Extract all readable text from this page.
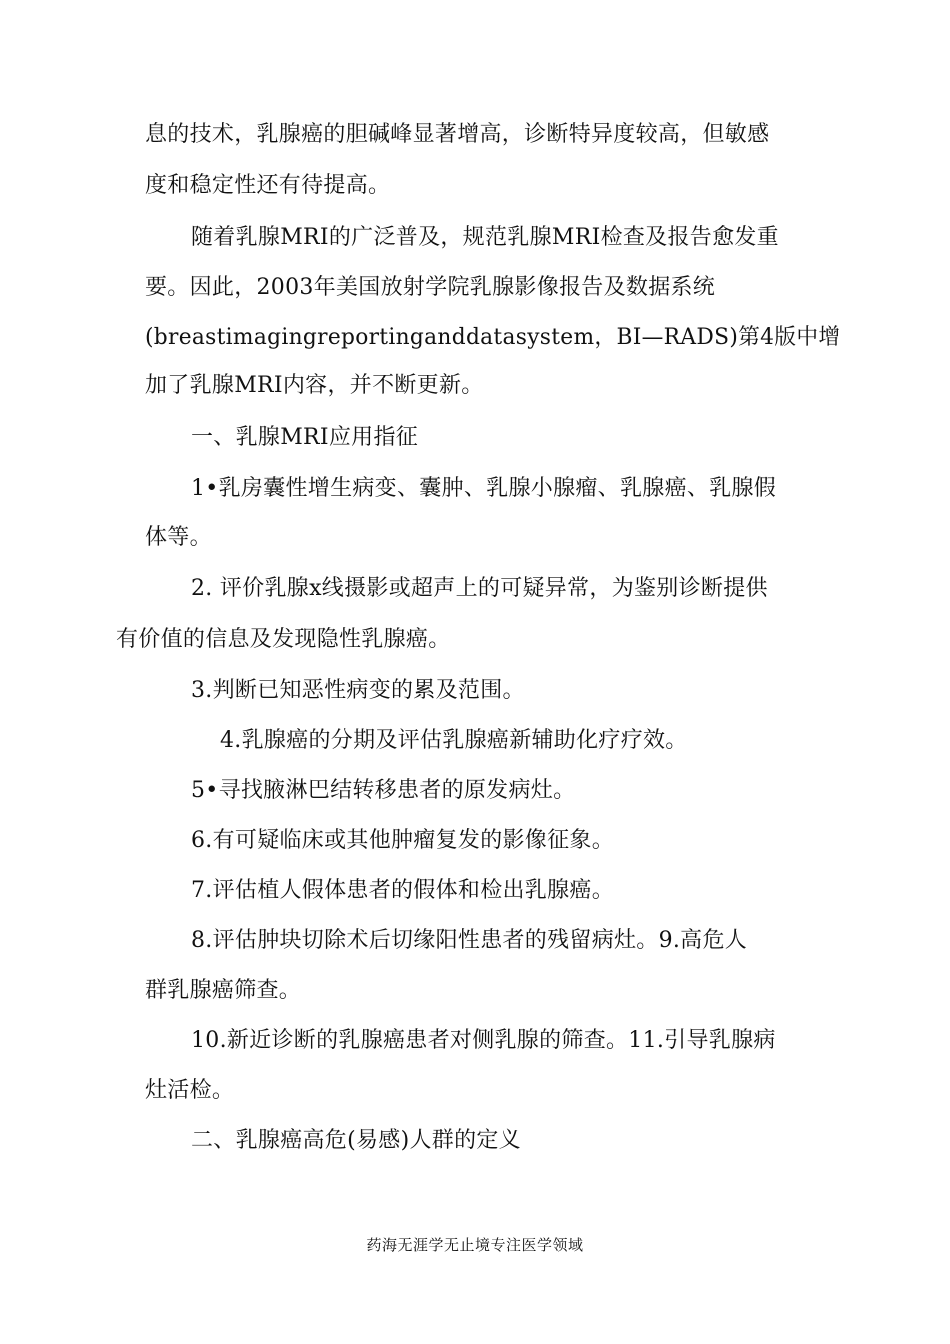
息的技术，乳腺癌的胆碱峰显著增高，诊断特异度较高，但敏感
度和稳定性还有待提高。
随着乳腺MRI的广泛普及，规范乳腺MRI检查及报告愈发重
要。因此，2003年美国放射学院乳腺影像报告及数据系统
(breastimagingreportinganddatasystem，BI—RADS)第4版中增
加了乳腺MRI内容，并不断更新。
一、乳腺MRI应用指征
1•乳房囊性增生病变、囊肿、乳腺小腺瘤、乳腺癌、乳腺假
体等。
2. 评价乳腺x线摄影或超声上的可疑异常，为鉴别诊断提供
有价值的信息及发现隐性乳腺癌。
3.判断已知恶性病变的累及范围。
4.乳腺癌的分期及评估乳腺癌新辅助化疗疗效。
5•寻找腋淋巴结转移患者的原发病灶。
6.有可疑临床或其他肿瘤复发的影像征象。
7.评估植人假体患者的假体和检出乳腺癌。
8.评估肿块切除术后切缘阳性患者的残留病灶。9.高危人
群乳腺癌筛查。
10.新近诊断的乳腺癌患者对侧乳腺的筛查。11.引导乳腺病
灶活检。
二、乳腺癌高危(易感)人群的定义
药海无涯学无止境专注医学领域
